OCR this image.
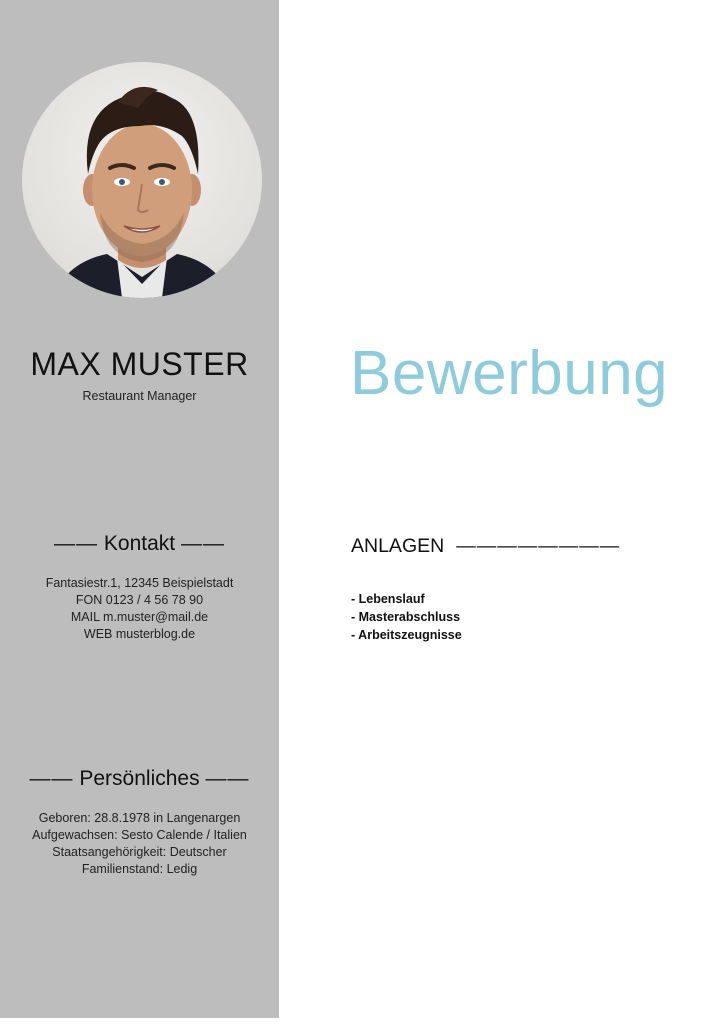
MAX MUSTER
Restaurant Manager
—— Kontakt ——
Fantasiestr.1, 12345 Beispielstadt
FON 0123 / 4 56 78 90
MAIL m.muster@mail.de
WEB musterblog.de
—— Persönliches ——
Geboren: 28.8.1978 in Langenargen
Aufgewachsen: Sesto Calende / Italien
Staatsangehörigkeit: Deutscher
Familienstand: Ledig
Bewerbung
ANLAGEN ————————
- Lebenslauf
- Masterabschluss
- Arbeitszeugnisse
